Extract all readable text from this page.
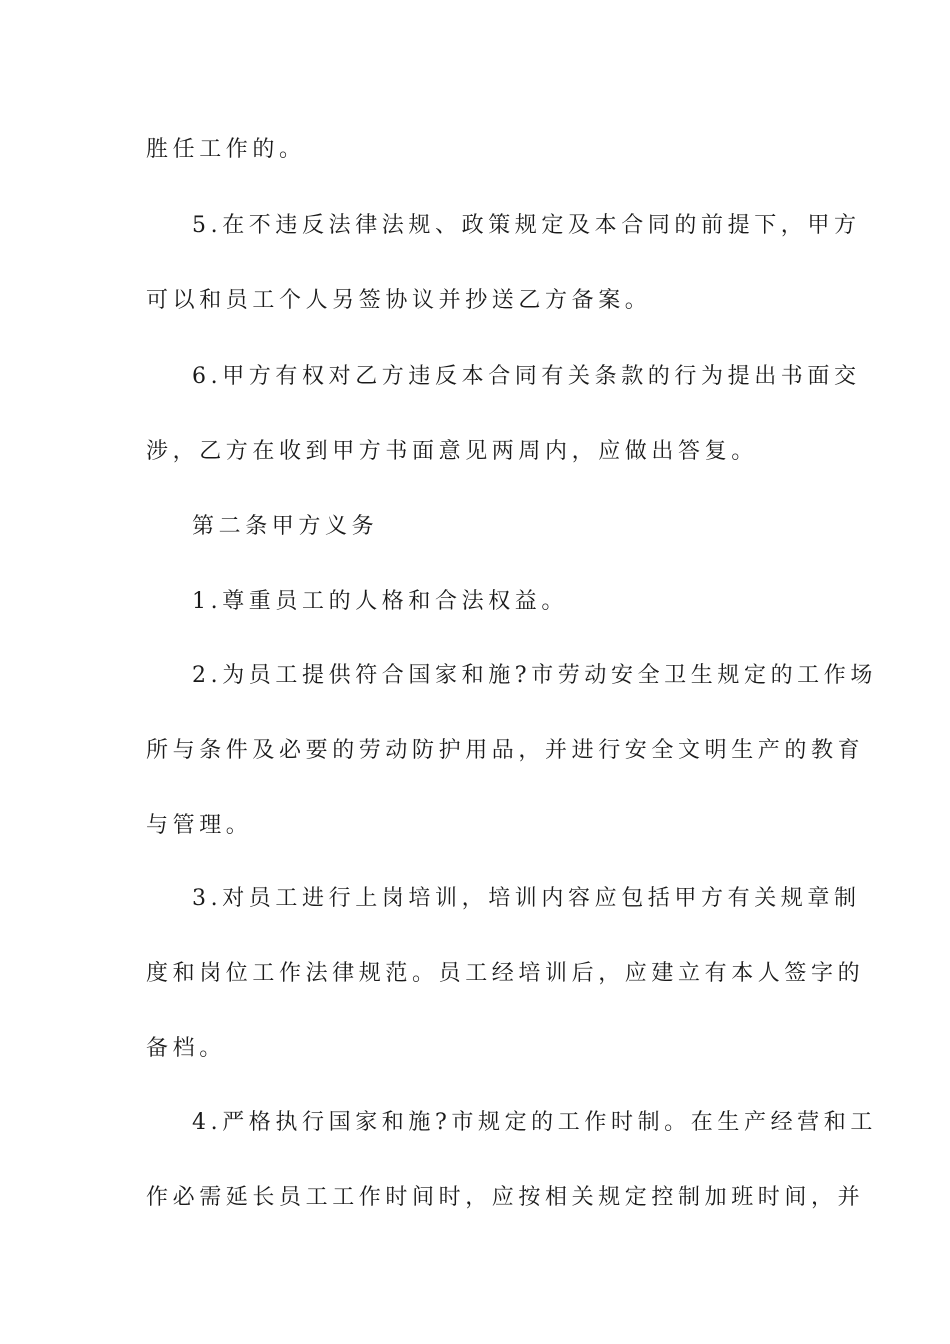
胜任工作的。
5.在不违反法律法规、政策规定及本合同的前提下，甲方
可以和员工个人另签协议并抄送乙方备案。
6.甲方有权对乙方违反本合同有关条款的行为提出书面交
涉，乙方在收到甲方书面意见两周内，应做出答复。
第二条甲方义务
1.尊重员工的人格和合法权益。
2.为员工提供符合国家和施?市劳动安全卫生规定的工作场
所与条件及必要的劳动防护用品，并进行安全文明生产的教育
与管理。
3.对员工进行上岗培训，培训内容应包括甲方有关规章制
度和岗位工作法律规范。员工经培训后，应建立有本人签字的
备档。
4.严格执行国家和施?市规定的工作时制。在生产经营和工
作必需延长员工工作时间时，应按相关规定控制加班时间，并
